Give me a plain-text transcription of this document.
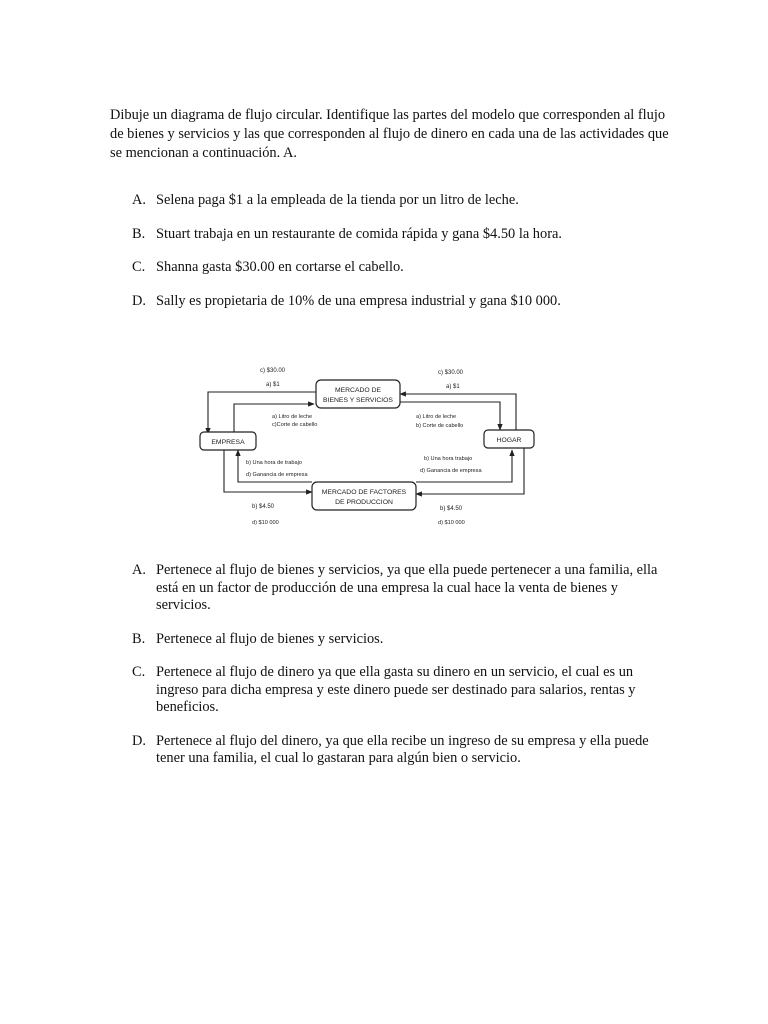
Dibuje un diagrama de flujo circular. Identifique las partes del modelo que corresponden al flujo de bienes y servicios y las que corresponden al flujo de dinero en cada una de las actividades que se mencionan a continuación. A.
A. Selena paga $1 a la empleada de la tienda por un litro de leche.
B. Stuart trabaja en un restaurante de comida rápida y gana $4.50 la hora.
C. Shanna gasta $30.00 en cortarse el cabello.
D. Sally es propietaria de 10% de una empresa industrial y gana $10 000.
MERCADO DE
BIENES Y SERVICIOS
EMPRESA	HOGAR
MERCADO DE FACTORES
DE PRODUCCION
c) $30.00
a) $1
c) $30.00
a) $1
a) Litro de leche
c)Corte de cabello
a) Litro de leche
b) Corte de cabello
b) Una hora de trabajo
d) Ganancia de empresa
b) Una hora trabajo
d) Ganancia de empresa
b) $4.50
d) $10 000
b) $4.50
d) $10 000
A. Pertenece al flujo de bienes y servicios, ya que ella puede pertenecer a una familia, ella está en un factor de producción de una empresa la cual hace la venta de bienes y servicios.
B. Pertenece al flujo de bienes y servicios.
C. Pertenece al flujo de dinero ya que ella gasta su dinero en un servicio, el cual es un ingreso para dicha empresa y este dinero puede ser destinado para salarios, rentas y beneficios.
D. Pertenece al flujo del dinero, ya que ella recibe un ingreso de su empresa y ella puede tener una familia, el cual lo gastaran para algún bien o servicio.
